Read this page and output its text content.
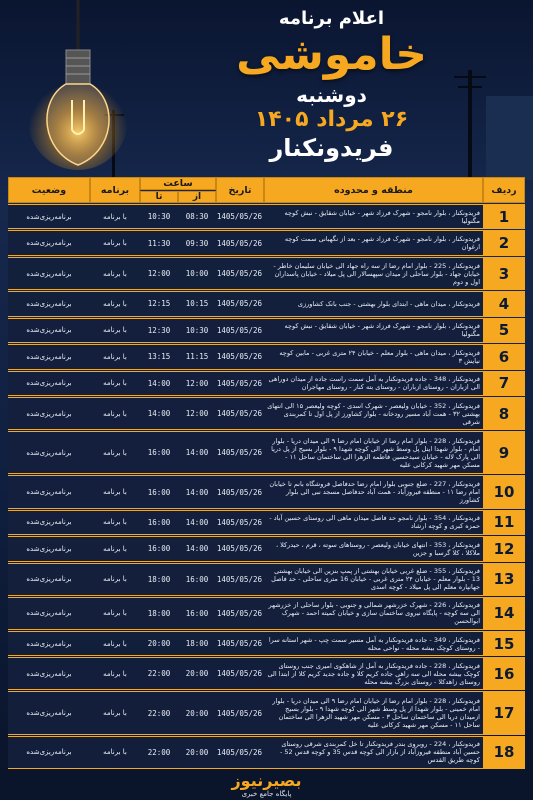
اعلام برنامه
خاموشی
دوشنبه
۲۶ مرداد ۱۴۰۵
فریدونکنار
ردیف	منطقه و محدوده	تاریخ	ساعت		برنامه	وضعیت
			از	تا		
1	فریدونکنار ، بلوار نامجو - شهرک فرزاد شهر - خیابان شقایق - نبش کوچه مگنولیا	1405/05/26	08:30	10:30	با برنامه	برنامه‌ریزی‌شده
2	فریدونکنار ، بلوار نامجو - شهرک فرزاد شهر - بعد از نگهبانی سمت کوچه ارغوان	1405/05/26	09:30	11:30	با برنامه	برنامه‌ریزی‌شده
3	فریدونکنار ، 225 - بلوار امام رضا از سه راه جهاد الی خیابان سلیمان خاطر - خیابان جهاد - بلوار ساحلی از میدان سپهسالار الی پل میلاد - خیابان پاسداران اول و دوم	1405/05/26	10:00	12:00	با برنامه	برنامه‌ریزی‌شده
4	فریدونکنار ، میدان ماهی - ابتدای بلوار بهشتی - جنب بانک کشاورزی	1405/05/26	10:15	12:15	با برنامه	برنامه‌ریزی‌شده
5	فریدونکنار ، بلوار نامجو - شهرک فرزاد شهر - خیابان شقایق - نبش کوچه مگنولیا	1405/05/26	10:30	12:30	با برنامه	برنامه‌ریزی‌شده
6	فریدونکنار ، میدان ماهی - بلوار معلم - خیابان ۲۴ متری غربی - مابین کوچه نیایش ۳	1405/05/26	11:15	13:15	با برنامه	برنامه‌ریزی‌شده
7	فریدونکنار ، 348 - جاده فریدونکنار به آمل سمت راست جاده از میدان دوراهی الی ازباران - روستای ازباران - روستای بته کنار - روستای مهاجران	1405/05/26	12:00	14:00	با برنامه	برنامه‌ریزی‌شده
8	فریدونکنار ، 352 - خیابان ولیعصر - شهرک اسدی - کوچه ولیعصر ۱۵ الی انتهای بهشتی ۳۲ - همت آباد مسیر رودخانه - بلوار کشاورز از پل اول تا کمربندی شرقی	1405/05/26	12:00	14:00	با برنامه	برنامه‌ریزی‌شده
9	فریدونکنار ، 228 - بلوار امام رضا از خیابان امام رضا ۹ الی میدان دریا - بلوار امام - بلوار شهدا اینل پل وسط شهر الی کوچه شهدا ۹ - بلوار بسیج از پل دریا الی پارک لاله - خیابان سیدحسین فاطمه الزهرا الی ساختمان ساحل ۱۱ - مسکن مهر شهید کرکانی علیه	1405/05/26	14:00	16:00	با برنامه	برنامه‌ریزی‌شده
10	فریدونکنار ، 227 - ضلع جنوبی بلوار امام رضا حدفاصل فروشگاه بانم تا خیابان امام رضا ۱۱ - منطقه فیروزآباد - همت آباد حدفاصل مسجد نبی الی بلوار کشاورز	1405/05/26	14:00	16:00	با برنامه	برنامه‌ریزی‌شده
11	فریدونکنار ، 354 - بلوار نامجو حد فاصل میدان ماهی الی روستای حسین آباد - حمزه کبری و کوچه ارشاد	1405/05/26	14:00	16:00	با برنامه	برنامه‌ریزی‌شده
12	فریدونکنار ، 353 - انتهای خیابان ولیعصر - روستاهای سوته ، قرم ، حیدرکلا ، ملاکلا ، کلا گرسبا و جزین	1405/05/26	14:00	16:00	با برنامه	برنامه‌ریزی‌شده
13	فریدونکنار ، 355 - ضلع غربی خیابان بهشتی از پمپ بنزین الی خیابان بهشتی 13 - بلوار معلم - خیابان ۲۴ متری غربی - خیابان 16 متری ساحلی - حد فاصل جهانپاره معلم الی پل میلاد - کوچه اسدی	1405/05/26	16:00	18:00	با برنامه	برنامه‌ریزی‌شده
14	فریدونکنار ، 226 - شهرک خزرشهر شمالی و جنوبی - بلوار ساحلی از خزرشهر الی سه ‌کوچه - پایگاه نیروی ساختمان سازی و خیابان کمیته احمد - شهرک ابوالحسن	1405/05/26	16:00	18:00	با برنامه	برنامه‌ریزی‌شده
15	فریدونکنار ، 349 - جاده فریدونکنار به آمل مسیر سمت چپ - شهر استانه سرا - روستای کوچک بیشه محله - نواحی محله	1405/05/26	18:00	20:00	با برنامه	برنامه‌ریزی‌شده
16	فریدونکنار ، 228 - جاده فریدونکنار به آمل از شاهکوی امیری جنب روستای کوچک بیشه محله الی سه راهی جاده کریم کلا و جاده جدید کریم کلا از ابتدا الی روستای زاهدکلا - روستای بزرگ بیشه محله	1405/05/26	20:00	22:00	با برنامه	برنامه‌ریزی‌شده
17	فریدونکنار ، 228 - بلوار امام رضا از خیابان امام رضا ۹ الی میدان دریا - بلوار امام خمینی - بلوار شهدا از پل وسط شهر الی کوچه شهدا ۹ - بلوار بسیج ازمیدان دریا الی ساختمان ساحل ۳ - مسکن مهر شهید الزهرا الی ساختمان ساحل ۱۱ - مسکن مهر شهید کرکانی علیه	1405/05/26	20:00	22:00	با برنامه	برنامه‌ریزی‌شده
18	فریدونکنار ، 224 - روبروی بندر فریدونکنار تا خل کمربندی شرقی روستای حسین آباد منطقه فیروزآباد از بازار الی کوچه قدس 35 و کوچه قدس 52 - کوچه طریق القدس	1405/05/26	20:00	22:00	با برنامه	برنامه‌ریزی‌شده
بصیرنیوز
پایگاه جامع خبری
